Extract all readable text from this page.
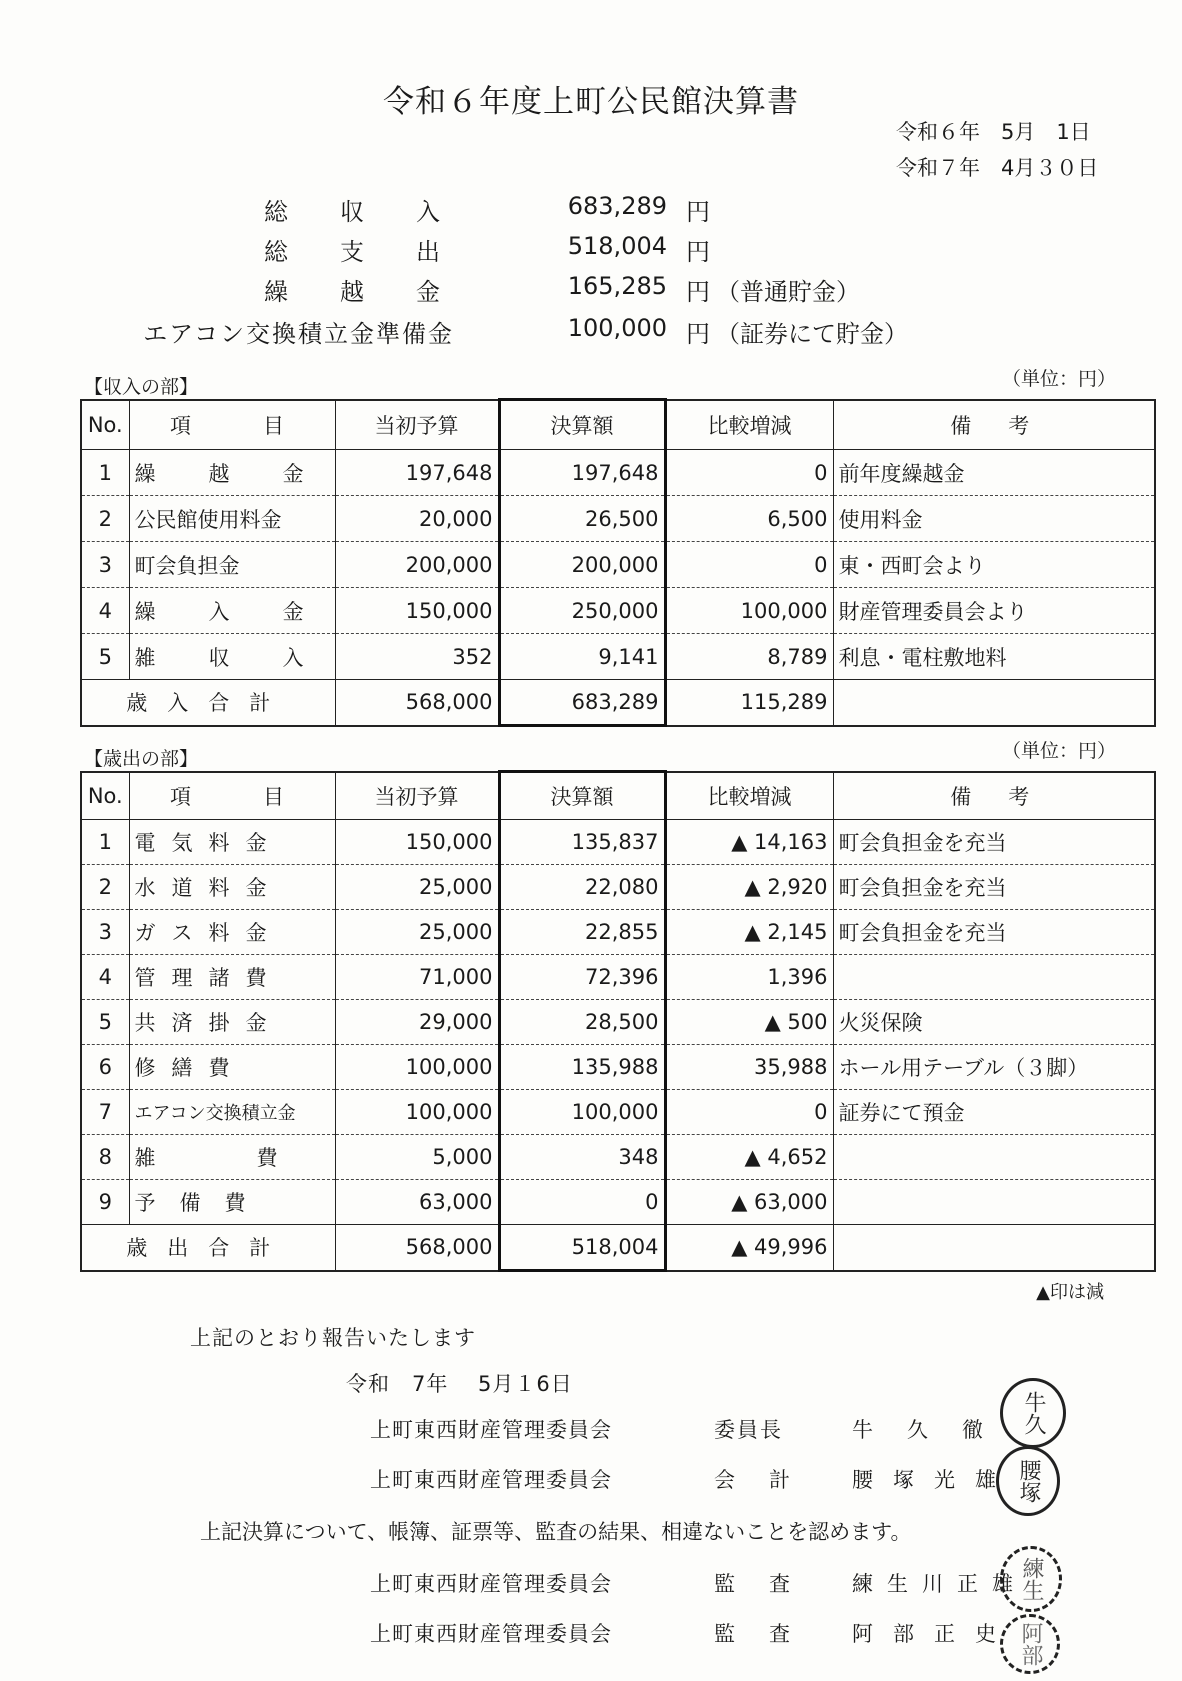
令和６年度上町公民館決算書
令和６年　5月　1日
令和７年　4月３０日
総　収　入	683,289 円
総　支　出	518,004 円
繰　越　金	165,285 円 （普通貯金）
エアコン交換積立金準備金	100,000 円 （証券にて貯金）
【収入の部】	（単位：円）
No.	項　　目	当初予算	決算額	比較増減	備　考
1	繰　越　金	197,648	197,648	0	前年度繰越金
2	公民館使用料金	20,000	26,500	6,500	使用料金
3	町会負担金	200,000	200,000	0	東・西町会より
4	繰　入　金	150,000	250,000	100,000	財産管理委員会より
5	雑　収　入	352	9,141	8,789	利息・電柱敷地料
歳入合計		568,000	683,289	115,289	
【歳出の部】	（単位：円）
No.	項　　目	当初予算	決算額	比較増減	備　考
1	電気料金	150,000	135,837	▲ 14,163	町会負担金を充当
2	水道料金	25,000	22,080	▲ 2,920	町会負担金を充当
3	ガス料金	25,000	22,855	▲ 2,145	町会負担金を充当
4	管理諸費	71,000	72,396	1,396	
5	共済掛金	29,000	28,500	▲ 500	火災保険
6	修繕費	100,000	135,988	35,988	ホール用テーブル（３脚）
7	エアコン交換積立金	100,000	100,000	0	証券にて預金
8	雑　費	5,000	348	▲ 4,652	
9	予備費	63,000	0	▲ 63,000	
歳出合計		568,000	518,004	▲ 49,996	
▲印は減
上記のとおり報告いたします
令和　7年　 5月１6日
上町東西財産管理委員会	委員長	牛久徹
上町東西財産管理委員会	会計 腰塚光雄
上記決算について、帳簿、証票等、監査の結果、相違ないことを認めます。
上町東西財産管理委員会	監査 練生川正雄
上町東西財産管理委員会	監査 阿部正史
牛久
腰塚
練生
阿部
